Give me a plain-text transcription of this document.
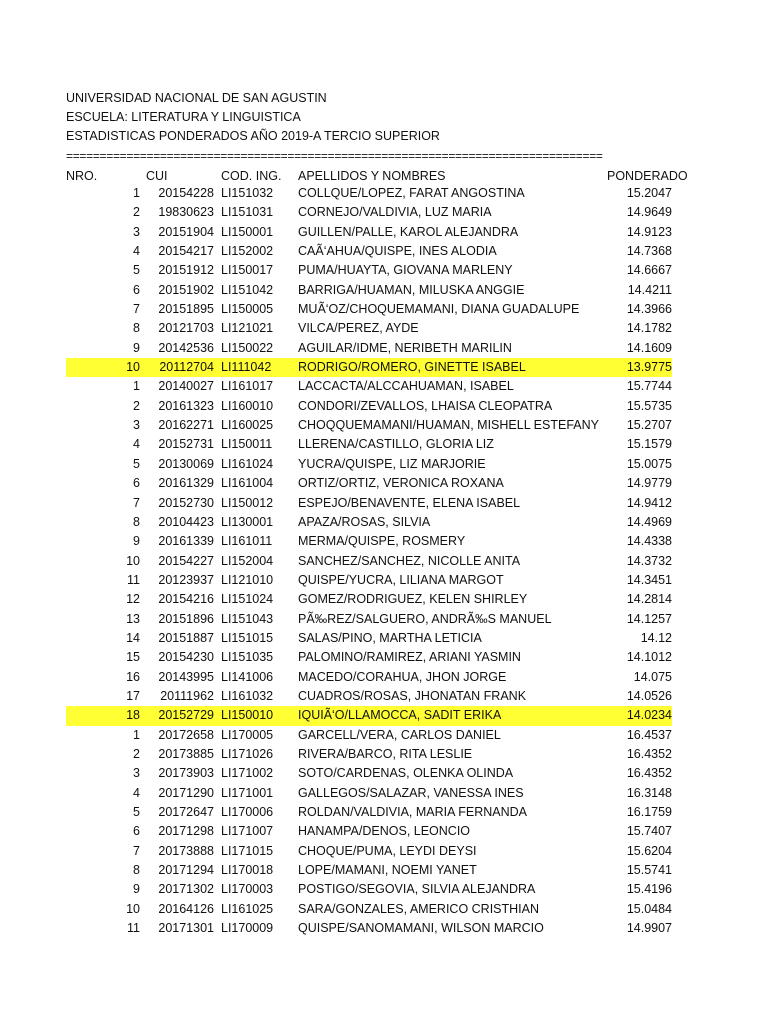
UNIVERSIDAD NACIONAL DE SAN AGUSTIN
ESCUELA: LITERATURA Y LINGUISTICA
ESTADISTICAS PONDERADOS AÑO 2019-A TERCIO SUPERIOR
================================================================================
NRO.	CUI	COD. ING. APELLIDOS Y NOMBRES	PONDERADO
1	20154228 LI151032 COLLQUE/LOPEZ, FARAT ANGOSTINA	15.2047
2	19830623 LI151031 CORNEJO/VALDIVIA, LUZ MARIA	14.9649
3	20151904 LI150001 GUILLEN/PALLE, KAROL ALEJANDRA	14.9123
4	20154217 LI152002 CAÃ‘AHUA/QUISPE, INES ALODIA	14.7368
5	20151912 LI150017 PUMA/HUAYTA, GIOVANA MARLENY	14.6667
6	20151902 LI151042 BARRIGA/HUAMAN, MILUSKA ANGGIE	14.4211
7	20151895 LI150005 MUÃ‘OZ/CHOQUEMAMANI, DIANA GUADALUPE	14.3966
8	20121703 LI121021 VILCA/PEREZ, AYDE	14.1782
9	20142536 LI150022 AGUILAR/IDME, NERIBETH MARILIN	14.1609
10	20112704 LI111042 RODRIGO/ROMERO, GINETTE ISABEL	13.9775
1	20140027 LI161017 LACCACTA/ALCCAHUAMAN, ISABEL	15.7744
2	20161323 LI160010 CONDORI/ZEVALLOS, LHAISA CLEOPATRA	15.5735
3	20162271 LI160025 CHOQQUEMAMANI/HUAMAN, MISHELL ESTEFANY	15.2707
4	20152731 LI150011 LLERENA/CASTILLO, GLORIA LIZ	15.1579
5	20130069 LI161024 YUCRA/QUISPE, LIZ MARJORIE	15.0075
6	20161329 LI161004 ORTIZ/ORTIZ, VERONICA ROXANA	14.9779
7	20152730 LI150012 ESPEJO/BENAVENTE, ELENA ISABEL	14.9412
8	20104423 LI130001 APAZA/ROSAS, SILVIA	14.4969
9	20161339 LI161011 MERMA/QUISPE, ROSMERY	14.4338
10	20154227 LI152004 SANCHEZ/SANCHEZ, NICOLLE ANITA	14.3732
11	20123937 LI121010 QUISPE/YUCRA, LILIANA MARGOT	14.3451
12	20154216 LI151024 GOMEZ/RODRIGUEZ, KELEN SHIRLEY	14.2814
13	20151896 LI151043 PÃ‰REZ/SALGUERO, ANDRÃ‰S MANUEL	14.1257
14	20151887 LI151015 SALAS/PINO, MARTHA LETICIA	14.12
15	20154230 LI151035 PALOMINO/RAMIREZ, ARIANI YASMIN	14.1012
16	20143995 LI141006 MACEDO/CORAHUA, JHON JORGE	14.075
17	20111962 LI161032 CUADROS/ROSAS, JHONATAN FRANK	14.0526
18	20152729 LI150010 IQUIÃ‘O/LLAMOCCA, SADIT ERIKA	14.0234
1	20172658 LI170005 GARCELL/VERA, CARLOS DANIEL	16.4537
2	20173885 LI171026 RIVERA/BARCO, RITA LESLIE	16.4352
3	20173903 LI171002 SOTO/CARDENAS, OLENKA OLINDA	16.4352
4	20171290 LI171001 GALLEGOS/SALAZAR, VANESSA INES	16.3148
5	20172647 LI170006 ROLDAN/VALDIVIA, MARIA FERNANDA	16.1759
6	20171298 LI171007 HANAMPA/DENOS, LEONCIO	15.7407
7	20173888 LI171015 CHOQUE/PUMA, LEYDI DEYSI	15.6204
8	20171294 LI170018 LOPE/MAMANI, NOEMI YANET	15.5741
9	20171302 LI170003 POSTIGO/SEGOVIA, SILVIA ALEJANDRA	15.4196
10	20164126 LI161025 SARA/GONZALES, AMERICO CRISTHIAN	15.0484
11	20171301 LI170009 QUISPE/SANOMAMANI, WILSON MARCIO	14.9907
